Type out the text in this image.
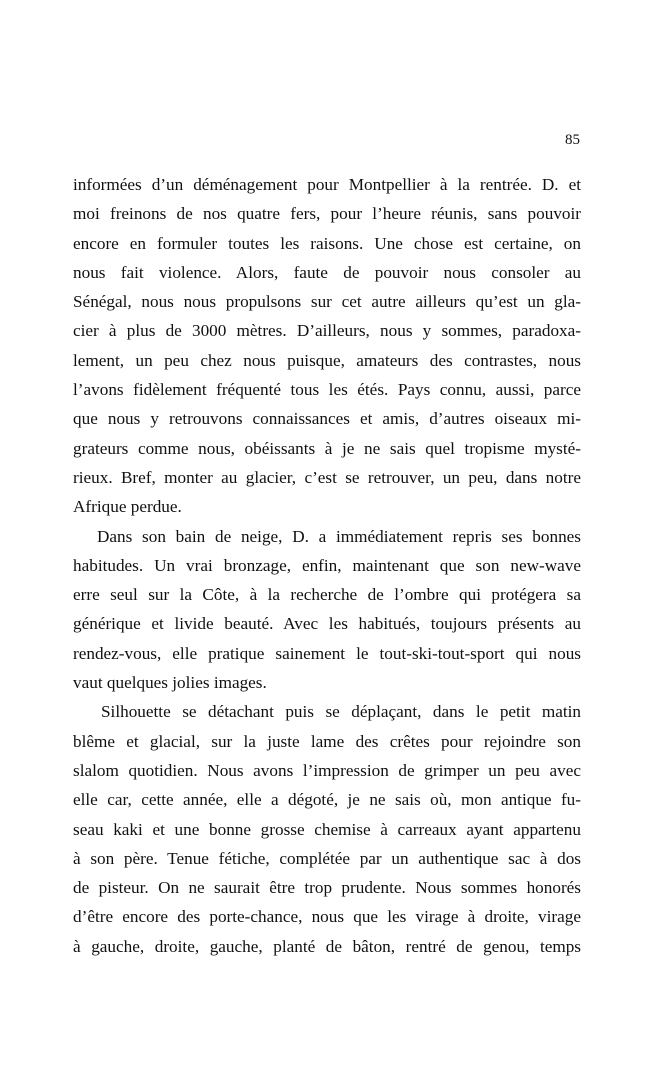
85
informées d’un déménagement pour Montpellier à la rentrée. D. et
moi freinons de nos quatre fers, pour l’heure réunis, sans pouvoir
encore en formuler toutes les raisons. Une chose est certaine, on
nous fait violence. Alors, faute de pouvoir nous consoler au
Sénégal, nous nous propulsons sur cet autre ailleurs qu’est un gla-
cier à plus de 3000 mètres. D’ailleurs, nous y sommes, paradoxa-
lement, un peu chez nous puisque, amateurs des contrastes, nous
l’avons fidèlement fréquenté tous les étés. Pays connu, aussi, parce
que nous y retrouvons connaissances et amis, d’autres oiseaux mi-
grateurs comme nous, obéissants à je ne sais quel tropisme mysté-
rieux. Bref, monter au glacier, c’est se retrouver, un peu, dans notre
Afrique perdue.
Dans son bain de neige, D. a immédiatement repris ses bonnes
habitudes. Un vrai bronzage, enfin, maintenant que son new-wave
erre seul sur la Côte, à la recherche de l’ombre qui protégera sa
générique et livide beauté. Avec les habitués, toujours présents au
rendez-vous, elle pratique sainement le tout-ski-tout-sport qui nous
vaut quelques jolies images.
Silhouette se détachant puis se déplaçant, dans le petit matin
blême et glacial, sur la juste lame des crêtes pour rejoindre son
slalom quotidien. Nous avons l’impression de grimper un peu avec
elle car, cette année, elle a dégoté, je ne sais où, mon antique fu-
seau kaki et une bonne grosse chemise à carreaux ayant appartenu
à son père. Tenue fétiche, complétée par un authentique sac à dos
de pisteur. On ne saurait être trop prudente. Nous sommes honorés
d’être encore des porte-chance, nous que les virage à droite, virage
à gauche, droite, gauche, planté de bâton, rentré de genou, temps
